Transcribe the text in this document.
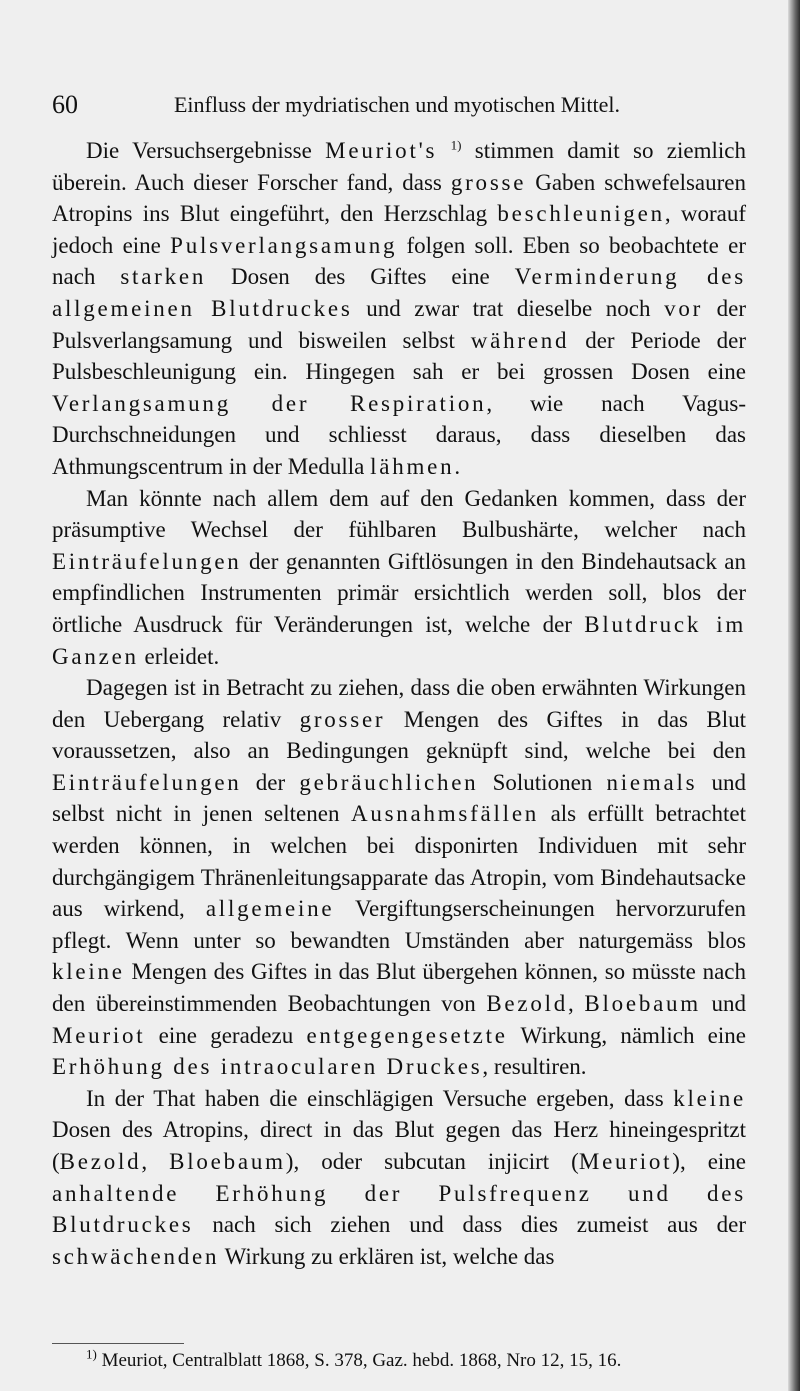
60	Einfluss der mydriatischen und myotischen Mittel.

Die Versuchsergebnisse Meuriot's $^{1)}$ stimmen damit so ziemlich überein. Auch dieser Forscher fand, dass grosse Gaben schwefelsauren Atropins ins Blut eingeführt, den Herzschlag beschleunigen, worauf jedoch eine Pulsverlangsamung folgen soll. Eben so beobachtete er nach starken Dosen des Giftes eine Verminderung des allgemeinen Blutdruckes und zwar trat dieselbe noch vor der Pulsverlangsamung und bisweilen selbst während der Periode der Pulsbeschleunigung ein. Hingegen sah er bei grossen Dosen eine Verlangsamung der Respiration, wie nach Vagus-Durchschneidungen und schliesst daraus, dass dieselben das Athmungscentrum in der Medulla lähmen.

Man könnte nach allem dem auf den Gedanken kommen, dass der präsumptive Wechsel der fühlbaren Bulbushärte, welcher nach Einträufelungen der genannten Giftlösungen in den Bindehautsack an empfindlichen Instrumenten primär ersichtlich werden soll, blos der örtliche Ausdruck für Veränderungen ist, welche der Blutdruck im Ganzen erleidet.

Dagegen ist in Betracht zu ziehen, dass die oben erwähnten Wirkungen den Uebergang relativ grosser Mengen des Giftes in das Blut voraussetzen, also an Bedingungen geknüpft sind, welche bei den Einträufelungen der gebräuchlichen Solutionen niemals und selbst nicht in jenen seltenen Ausnahmsfällen als erfüllt betrachtet werden können, in welchen bei disponirten Individuen mit sehr durchgängigem Thränenleitungsapparate das Atropin, vom Bindehautsacke aus wirkend, allgemeine Vergiftungserscheinungen hervorzurufen pflegt. Wenn unter so bewandten Umständen aber naturgemäss blos kleine Mengen des Giftes in das Blut übergehen können, so müsste nach den übereinstimmenden Beobachtungen von Bezold, Bloebaum und Meuriot eine geradezu entgegengesetzte Wirkung, nämlich eine Erhöhung des intraocularen Druckes, resultiren.

In der That haben die einschlägigen Versuche ergeben, dass kleine Dosen des Atropins, direct in das Blut gegen das Herz hineingespritzt (Bezold, Bloebaum), oder subcutan injicirt (Meuriot), eine anhaltende Erhöhung der Pulsfrequenz und des Blutdruckes nach sich ziehen und dass dies zumeist aus der schwächenden Wirkung zu erklären ist, welche das

$^{1)}$ Meuriot, Centralblatt 1868, S. 378, Gaz. hebd. 1868, Nro 12, 15, 16.
